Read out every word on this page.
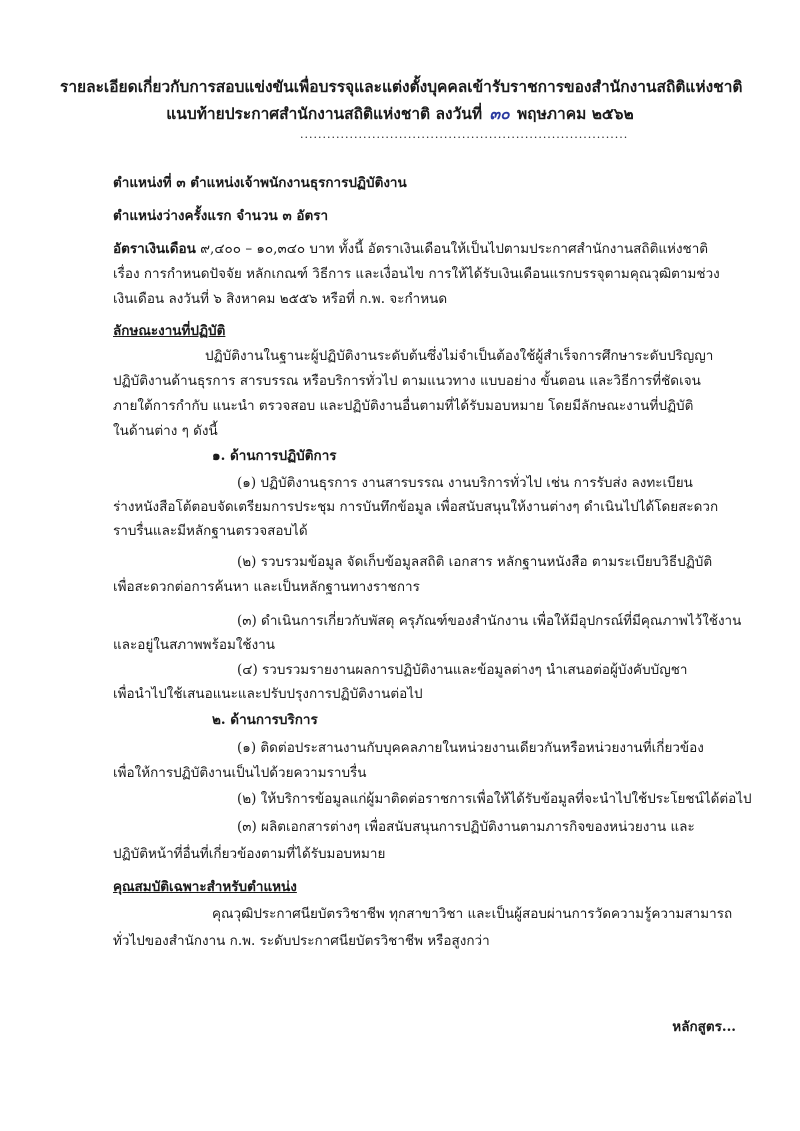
รายละเอียดเกี่ยวกับการสอบแข่งขันเพื่อบรรจุและแต่งตั้งบุคคลเข้ารับราชการของสำนักงานสถิติแห่งชาติ
แนบท้ายประกาศสำนักงานสถิติแห่งชาติ ลงวันที่ ๓๐ พฤษภาคม ๒๕๖๒
.........................................................................
ตำแหน่งที่ ๓ ตำแหน่งเจ้าพนักงานธุรการปฏิบัติงาน
ตำแหน่งว่างครั้งแรก จำนวน ๓ อัตรา
อัตราเงินเดือน ๙,๔๐๐ – ๑๐,๓๔๐ บาท ทั้งนี้ อัตราเงินเดือนให้เป็นไปตามประกาศสำนักงานสถิติแห่งชาติ
เรื่อง การกำหนดปัจจัย หลักเกณฑ์ วิธีการ และเงื่อนไข การให้ได้รับเงินเดือนแรกบรรจุตามคุณวุฒิตามช่วง
เงินเดือน ลงวันที่ ๖ สิงหาคม ๒๕๕๖ หรือที่ ก.พ. จะกำหนด
ลักษณะงานที่ปฏิบัติ
ปฏิบัติงานในฐานะผู้ปฏิบัติงานระดับต้นซึ่งไม่จำเป็นต้องใช้ผู้สำเร็จการศึกษาระดับปริญญา
ปฏิบัติงานด้านธุรการ สารบรรณ หรือบริการทั่วไป ตามแนวทาง แบบอย่าง ขั้นตอน และวิธีการที่ชัดเจน
ภายใต้การกำกับ แนะนำ ตรวจสอบ และปฏิบัติงานอื่นตามที่ได้รับมอบหมาย โดยมีลักษณะงานที่ปฏิบัติ
ในด้านต่าง ๆ ดังนี้
๑. ด้านการปฏิบัติการ
(๑) ปฏิบัติงานธุรการ งานสารบรรณ งานบริการทั่วไป เช่น การรับส่ง ลงทะเบียน
ร่างหนังสือโต้ตอบจัดเตรียมการประชุม การบันทึกข้อมูล เพื่อสนับสนุนให้งานต่างๆ ดำเนินไปได้โดยสะดวก
ราบรื่นและมีหลักฐานตรวจสอบได้
(๒) รวบรวมข้อมูล จัดเก็บข้อมูลสถิติ เอกสาร หลักฐานหนังสือ ตามระเบียบวิธีปฏิบัติ
เพื่อสะดวกต่อการค้นหา และเป็นหลักฐานทางราชการ
(๓) ดำเนินการเกี่ยวกับพัสดุ ครุภัณฑ์ของสำนักงาน เพื่อให้มีอุปกรณ์ที่มีคุณภาพไว้ใช้งาน
และอยู่ในสภาพพร้อมใช้งาน
(๔) รวบรวมรายงานผลการปฏิบัติงานและข้อมูลต่างๆ นำเสนอต่อผู้บังคับบัญชา
เพื่อนำไปใช้เสนอแนะและปรับปรุงการปฏิบัติงานต่อไป
๒. ด้านการบริการ
(๑) ติดต่อประสานงานกับบุคคลภายในหน่วยงานเดียวกันหรือหน่วยงานที่เกี่ยวข้อง
เพื่อให้การปฏิบัติงานเป็นไปด้วยความราบรื่น
(๒) ให้บริการข้อมูลแก่ผู้มาติดต่อราชการเพื่อให้ได้รับข้อมูลที่จะนำไปใช้ประโยชน์ได้ต่อไป
(๓) ผลิตเอกสารต่างๆ เพื่อสนับสนุนการปฏิบัติงานตามภารกิจของหน่วยงาน และ
ปฏิบัติหน้าที่อื่นที่เกี่ยวข้องตามที่ได้รับมอบหมาย
คุณสมบัติเฉพาะสำหรับตำแหน่ง
คุณวุฒิประกาศนียบัตรวิชาชีพ ทุกสาขาวิชา และเป็นผู้สอบผ่านการวัดความรู้ความสามารถ
ทั่วไปของสำนักงาน ก.พ. ระดับประกาศนียบัตรวิชาชีพ หรือสูงกว่า
หลักสูตร...
